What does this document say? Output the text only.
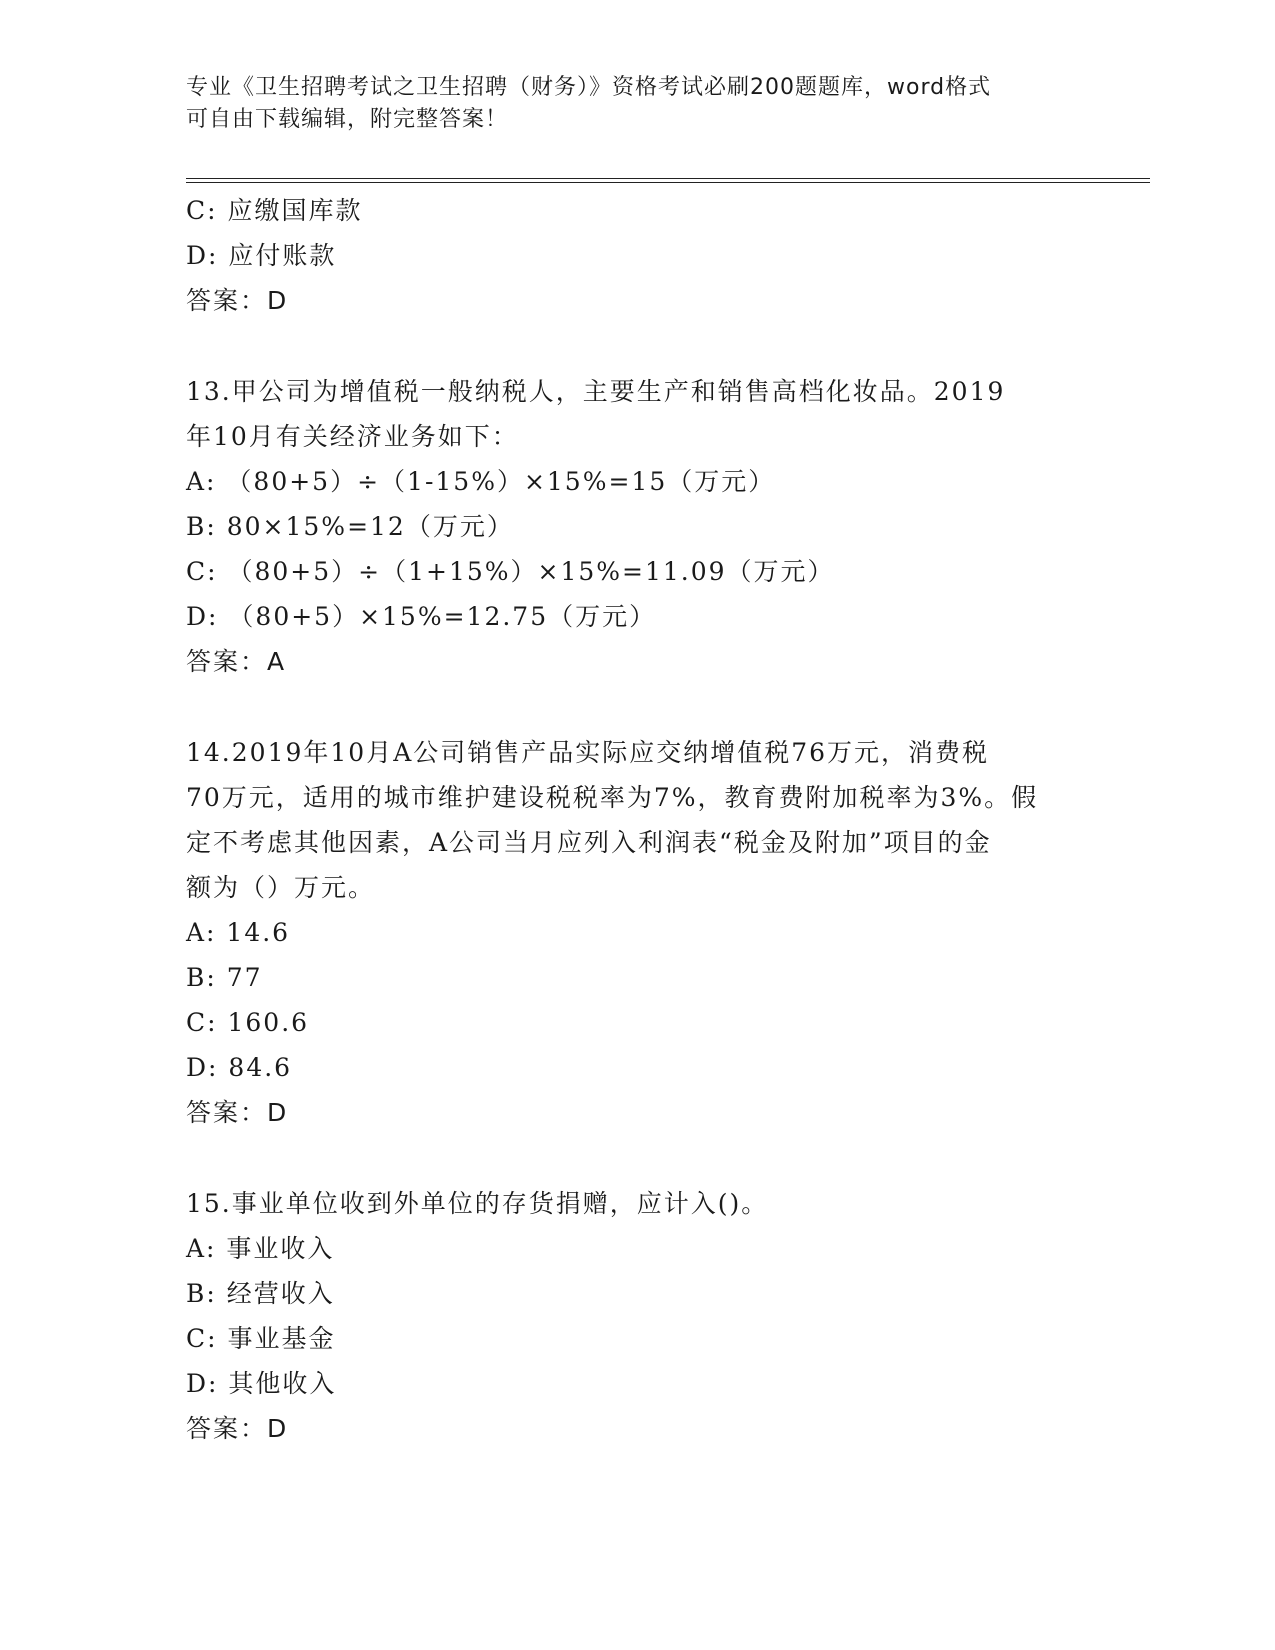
专业《卫生招聘考试之卫生招聘（财务）》资格考试必刷200题题库，word格式
可自由下载编辑，附完整答案！
C: 应缴国库款
D: 应付账款
答案：D
13.甲公司为增值税一般纳税人，主要生产和销售高档化妆品。2019
年10月有关经济业务如下：
A: （80+5）÷（1-15%）×15%=15（万元）
B: 80×15%=12（万元）
C: （80+5）÷（1+15%）×15%=11.09（万元）
D: （80+5）×15%=12.75（万元）
答案：A
14.2019年10月A公司销售产品实际应交纳增值税76万元，消费税
70万元，适用的城市维护建设税税率为7%，教育费附加税率为3%。假
定不考虑其他因素，A公司当月应列入利润表“税金及附加”项目的金
额为（）万元。
A: 14.6
B: 77
C: 160.6
D: 84.6
答案：D
15.事业单位收到外单位的存货捐赠，应计入()。
A: 事业收入
B: 经营收入
C: 事业基金
D: 其他收入
答案：D
